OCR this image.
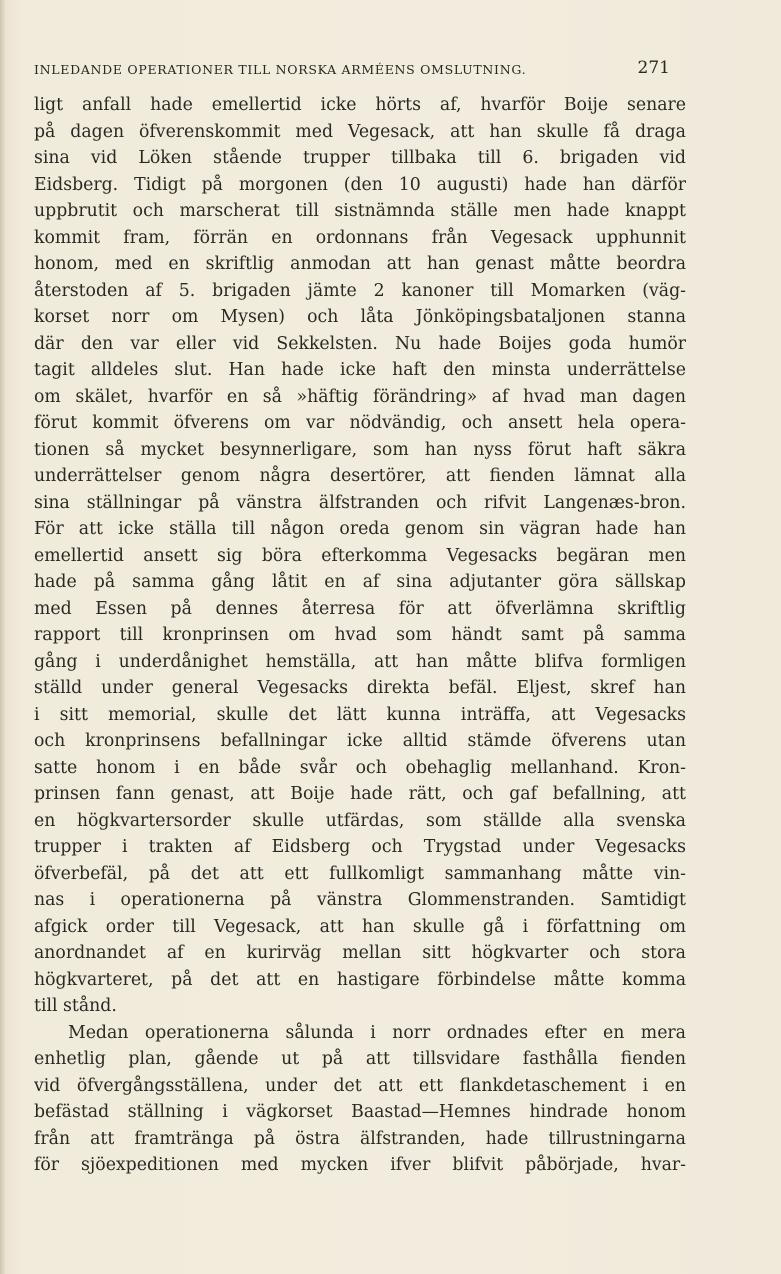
INLEDANDE OPERATIONER TILL NORSKA ARMÉENS OMSLUTNING.	271
ligt anfall hade emellertid icke hörts af, hvarför Boije senare
på dagen öfverenskommit med Vegesack, att han skulle få draga
sina vid Löken stående trupper tillbaka till 6. brigaden vid
Eidsberg. Tidigt på morgonen (den 10 augusti) hade han därför
uppbrutit och marscherat till sistnämnda ställe men hade knappt
kommit fram, förrän en ordonnans från Vegesack upphunnit
honom, med en skriftlig anmodan att han genast måtte beordra
återstoden af 5. brigaden jämte 2 kanoner till Momarken (väg-
korset norr om Mysen) och låta Jönköpingsbataljonen stanna
där den var eller vid Sekkelsten. Nu hade Boijes goda humör
tagit alldeles slut. Han hade icke haft den minsta underrättelse
om skälet, hvarför en så »häftig förändring» af hvad man dagen
förut kommit öfverens om var nödvändig, och ansett hela opera-
tionen så mycket besynnerligare, som han nyss förut haft säkra
underrättelser genom några desertörer, att fienden lämnat alla
sina ställningar på vänstra älfstranden och rifvit Langenæs-bron.
För att icke ställa till någon oreda genom sin vägran hade han
emellertid ansett sig böra efterkomma Vegesacks begäran men
hade på samma gång låtit en af sina adjutanter göra sällskap
med Essen på dennes återresa för att öfverlämna skriftlig
rapport till kronprinsen om hvad som händt samt på samma
gång i underdånighet hemställa, att han måtte blifva formligen
ställd under general Vegesacks direkta befäl. Eljest, skref han
i sitt memorial, skulle det lätt kunna inträffa, att Vegesacks
och kronprinsens befallningar icke alltid stämde öfverens utan
satte honom i en både svår och obehaglig mellanhand. Kron-
prinsen fann genast, att Boije hade rätt, och gaf befallning, att
en högkvartersorder skulle utfärdas, som ställde alla svenska
trupper i trakten af Eidsberg och Trygstad under Vegesacks
öfverbefäl, på det att ett fullkomligt sammanhang måtte vin-
nas i operationerna på vänstra Glommenstranden. Samtidigt
afgick order till Vegesack, att han skulle gå i författning om
anordnandet af en kurirväg mellan sitt högkvarter och stora
högkvarteret, på det att en hastigare förbindelse måtte komma
till stånd.
Medan operationerna sålunda i norr ordnades efter en mera
enhetlig plan, gående ut på att tillsvidare fasthålla fienden
vid öfvergångsställena, under det att ett flankdetaschement i en
befästad ställning i vägkorset Baastad—Hemnes hindrade honom
från att framtränga på östra älfstranden, hade tillrustningarna
för sjöexpeditionen med mycken ifver blifvit påbörjade, hvar-
